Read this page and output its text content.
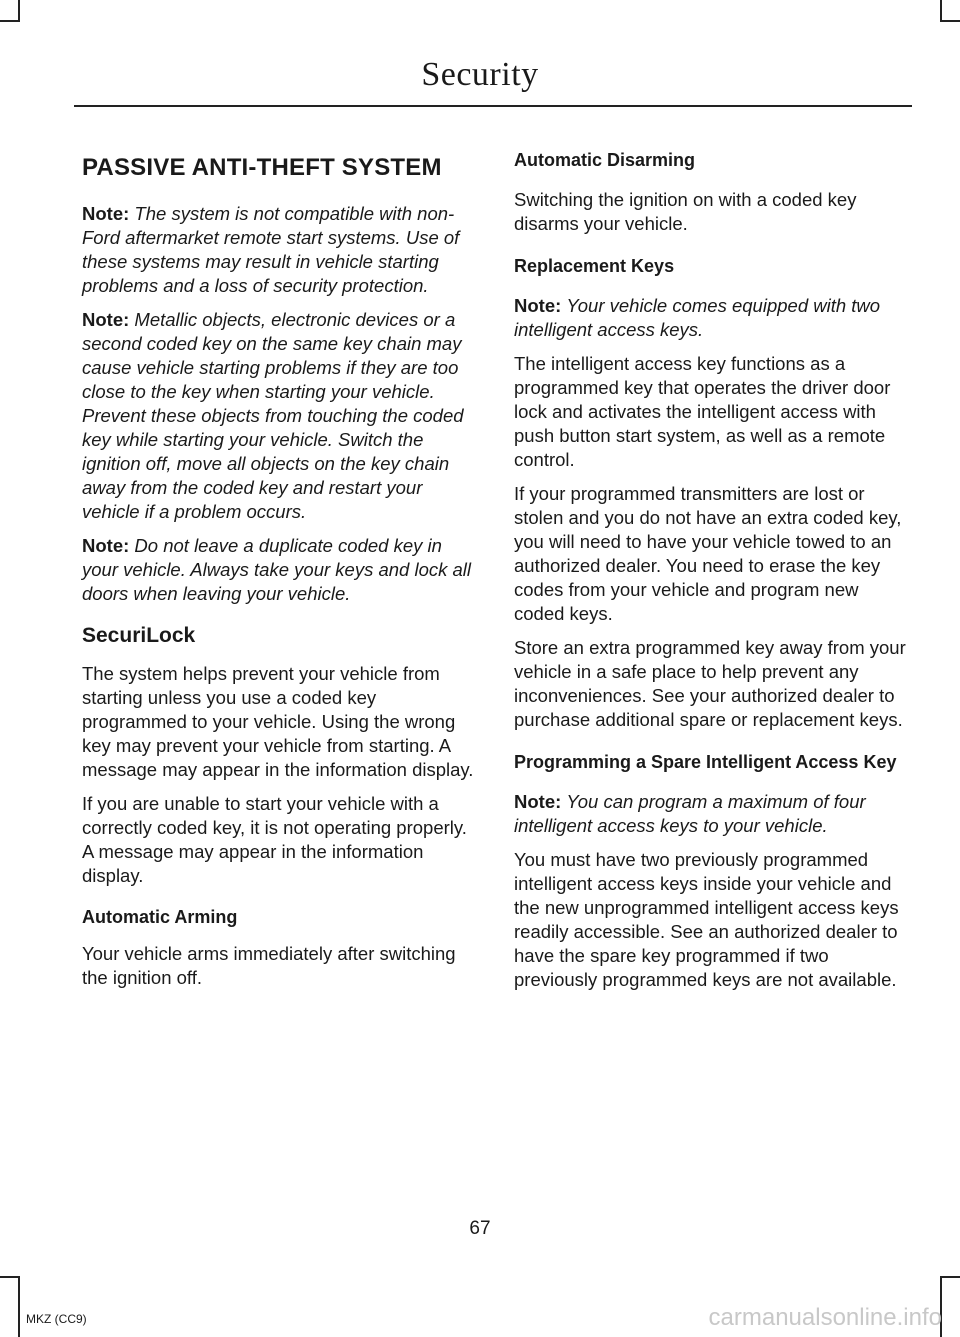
Security
PASSIVE ANTI-THEFT SYSTEM

Note: The system is not compatible with non-Ford aftermarket remote start systems. Use of these systems may result in vehicle starting problems and a loss of security protection.

Note: Metallic objects, electronic devices or a second coded key on the same key chain may cause vehicle starting problems if they are too close to the key when starting your vehicle. Prevent these objects from touching the coded key while starting your vehicle. Switch the ignition off, move all objects on the key chain away from the coded key and restart your vehicle if a problem occurs.

Note: Do not leave a duplicate coded key in your vehicle. Always take your keys and lock all doors when leaving your vehicle.

SecuriLock

The system helps prevent your vehicle from starting unless you use a coded key programmed to your vehicle. Using the wrong key may prevent your vehicle from starting. A message may appear in the information display.

If you are unable to start your vehicle with a correctly coded key, it is not operating properly. A message may appear in the information display.

Automatic Arming

Your vehicle arms immediately after switching the ignition off.

Automatic Disarming

Switching the ignition on with a coded key disarms your vehicle.

Replacement Keys

Note: Your vehicle comes equipped with two intelligent access keys.

The intelligent access key functions as a programmed key that operates the driver door lock and activates the intelligent access with push button start system, as well as a remote control.

If your programmed transmitters are lost or stolen and you do not have an extra coded key, you will need to have your vehicle towed to an authorized dealer. You need to erase the key codes from your vehicle and program new coded keys.

Store an extra programmed key away from your vehicle in a safe place to help prevent any inconveniences. See your authorized dealer to purchase additional spare or replacement keys.

Programming a Spare Intelligent Access Key

Note: You can program a maximum of four intelligent access keys to your vehicle.

You must have two previously programmed intelligent access keys inside your vehicle and the new unprogrammed intelligent access keys readily accessible. See an authorized dealer to have the spare key programmed if two previously programmed keys are not available.

67
MKZ (CC9)	carmanualsonline.info
